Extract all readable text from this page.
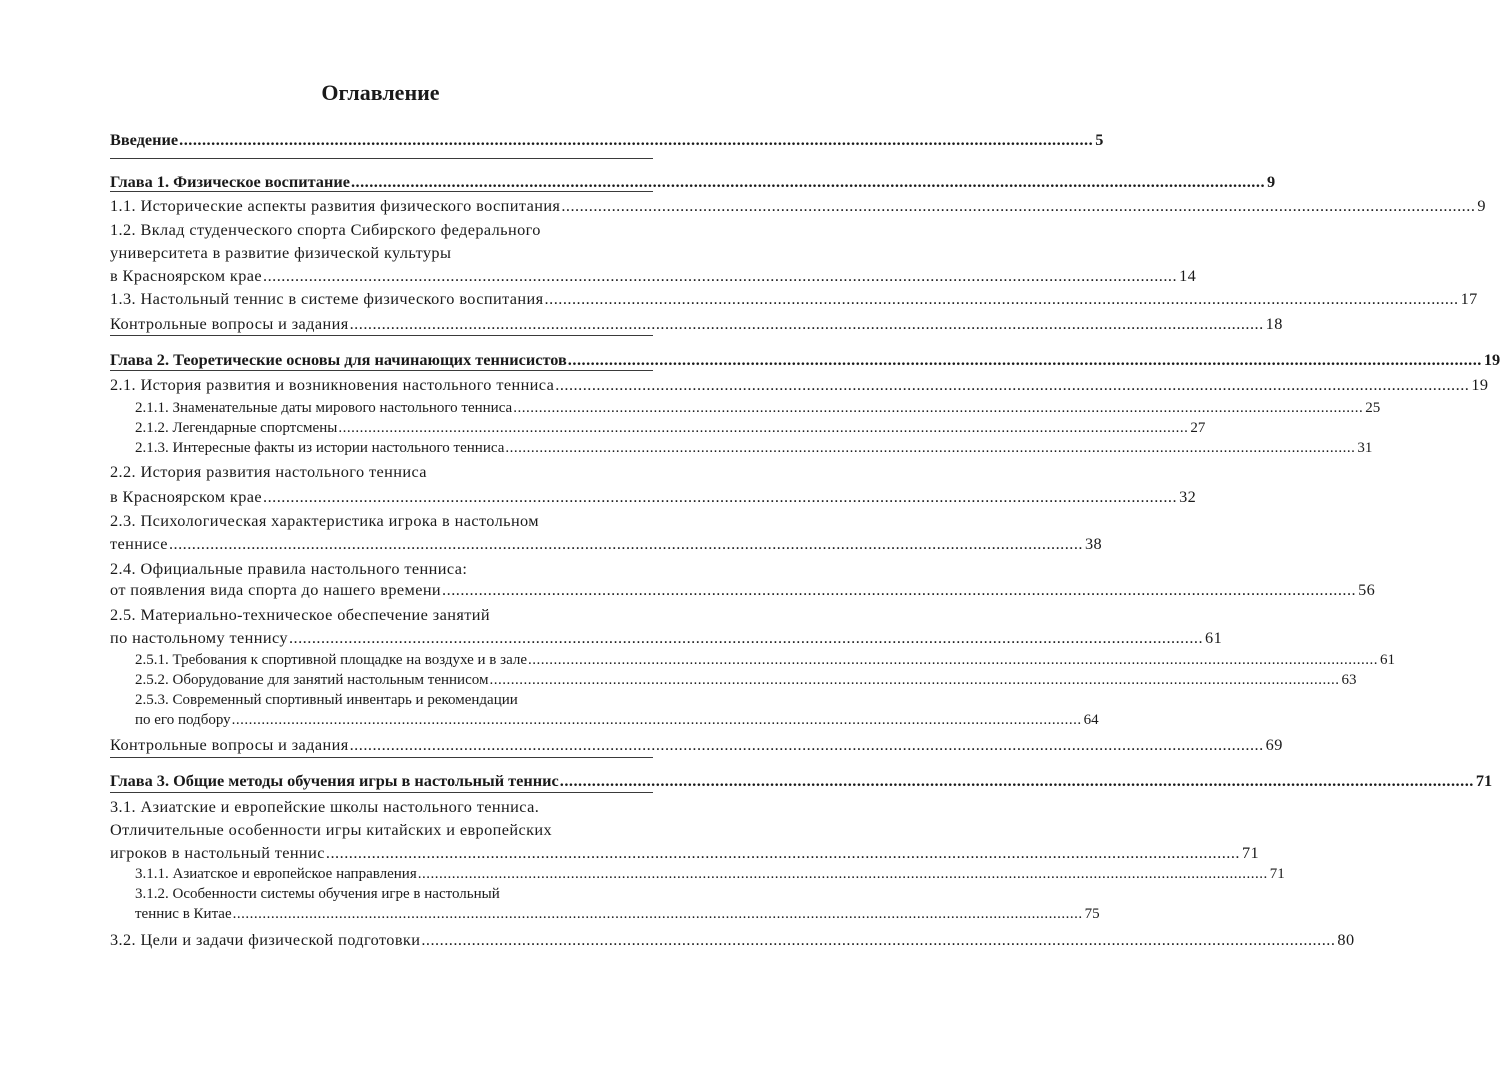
Оглавление
Введение ........................................................................................................................................................................................................ 5
Глава 1. Физическое воспитание ........................................................................................................................................................................................................ 9
1.1. Исторические аспекты развития физического воспитания ........................................................................................................................................................................................................ 9
1.2. Вклад студенческого спорта Сибирского федерального
университета в развитие физической культуры
в Красноярском крае ........................................................................................................................................................................................................ 14
1.3. Настольный теннис в системе физического воспитания ........................................................................................................................................................................................................ 17
Контрольные вопросы и задания ........................................................................................................................................................................................................ 18
Глава 2. Теоретические основы для начинающих теннисистов ........................................................................................................................................................................................................ 19
2.1. История развития и возникновения настольного тенниса ........................................................................................................................................................................................................ 19
2.1.1. Знаменательные даты мирового настольного тенниса ........................................................................................................................................................................................................ 25
2.1.2. Легендарные спортсмены ........................................................................................................................................................................................................ 27
2.1.3. Интересные факты из истории настольного тенниса ........................................................................................................................................................................................................ 31
2.2. История развития настольного тенниса
в Красноярском крае ........................................................................................................................................................................................................ 32
2.3. Психологическая характеристика игрока в настольном
теннисе ........................................................................................................................................................................................................ 38
2.4. Официальные правила настольного тенниса:
от появления вида спорта до нашего времени ........................................................................................................................................................................................................ 56
2.5. Материально-техническое обеспечение занятий
по настольному теннису ........................................................................................................................................................................................................ 61
2.5.1. Требования к спортивной площадке на воздухе и в зале ........................................................................................................................................................................................................ 61
2.5.2. Оборудование для занятий настольным теннисом ........................................................................................................................................................................................................ 63
2.5.3. Современный спортивный инвентарь и рекомендации
по его подбору ........................................................................................................................................................................................................ 64
Контрольные вопросы и задания ........................................................................................................................................................................................................ 69
Глава 3. Общие методы обучения игры в настольный теннис ........................................................................................................................................................................................................ 71
3.1. Азиатские и европейские школы настольного тенниса.
Отличительные особенности игры китайских и европейских
игроков в настольный теннис ........................................................................................................................................................................................................ 71
3.1.1. Азиатское и европейское направления ........................................................................................................................................................................................................ 71
3.1.2. Особенности системы обучения игре в настольный
теннис в Китае ........................................................................................................................................................................................................ 75
3.2. Цели и задачи физической подготовки ........................................................................................................................................................................................................ 80
